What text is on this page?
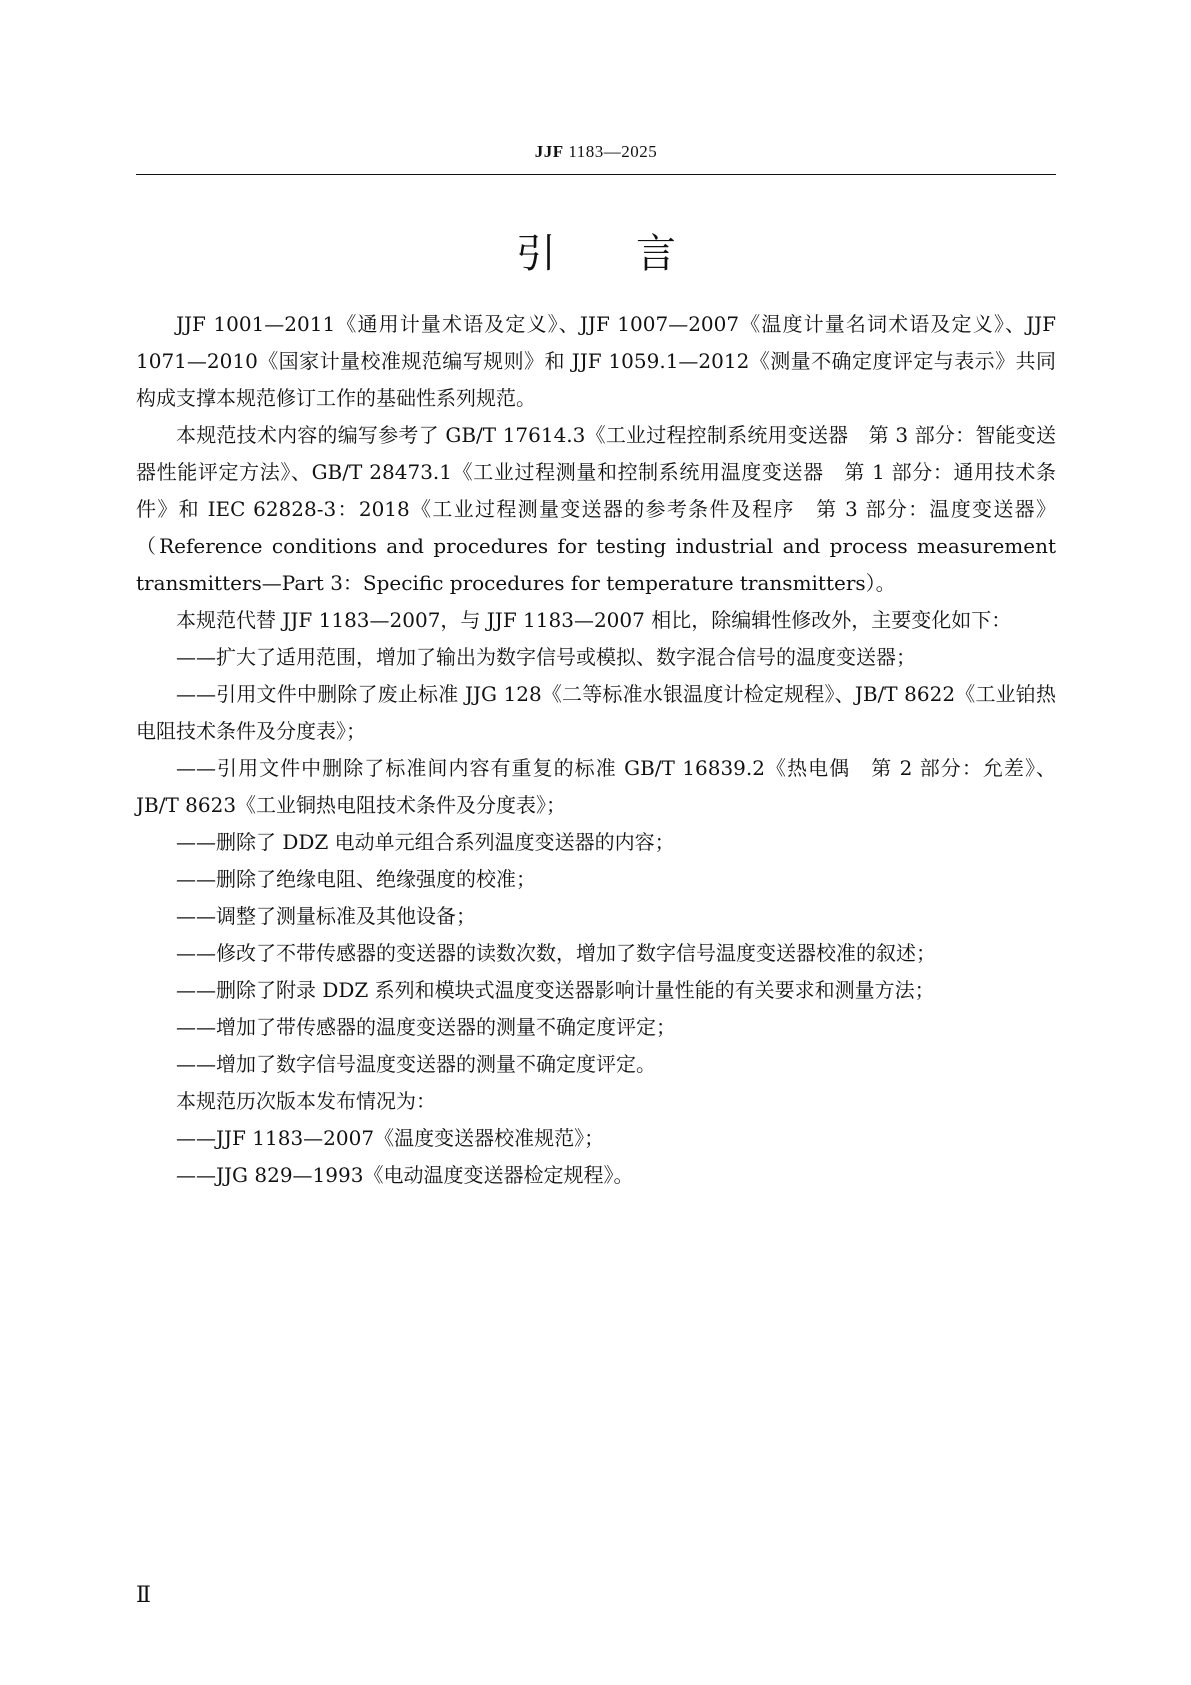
JJF 1183—2025
引言

JJF 1001—2011《通用计量术语及定义》、JJF 1007—2007《温度计量名词术语及定义》、JJF 1071—2010《国家计量校准规范编写规则》和 JJF 1059.1—2012《测量不确定度评定与表示》共同构成支撑本规范修订工作的基础性系列规范。

本规范技术内容的编写参考了 GB/T 17614.3《工业过程控制系统用变送器　第 3 部分：智能变送器性能评定方法》、GB/T 28473.1《工业过程测量和控制系统用温度变送器　第 1 部分：通用技术条件》和 IEC 62828-3：2018《工业过程测量变送器的参考条件及程序　第 3 部分：温度变送器》（Reference conditions and procedures for testing industrial and process measurement transmitters—Part 3：Specific procedures for temperature transmitters）。

本规范代替 JJF 1183—2007，与 JJF 1183—2007 相比，除编辑性修改外，主要变化如下：

——扩大了适用范围，增加了输出为数字信号或模拟、数字混合信号的温度变送器；

——引用文件中删除了废止标准 JJG 128《二等标准水银温度计检定规程》、JB/T 8622《工业铂热电阻技术条件及分度表》；

——引用文件中删除了标准间内容有重复的标准 GB/T 16839.2《热电偶　第 2 部分：允差》、JB/T 8623《工业铜热电阻技术条件及分度表》；

——删除了 DDZ 电动单元组合系列温度变送器的内容；

——删除了绝缘电阻、绝缘强度的校准；

——调整了测量标准及其他设备；

——修改了不带传感器的变送器的读数次数，增加了数字信号温度变送器校准的叙述；

——删除了附录 DDZ 系列和模块式温度变送器影响计量性能的有关要求和测量方法；

——增加了带传感器的温度变送器的测量不确定度评定；

——增加了数字信号温度变送器的测量不确定度评定。

本规范历次版本发布情况为：

——JJF 1183—2007《温度变送器校准规范》；

——JJG 829—1993《电动温度变送器检定规程》。

Ⅱ
